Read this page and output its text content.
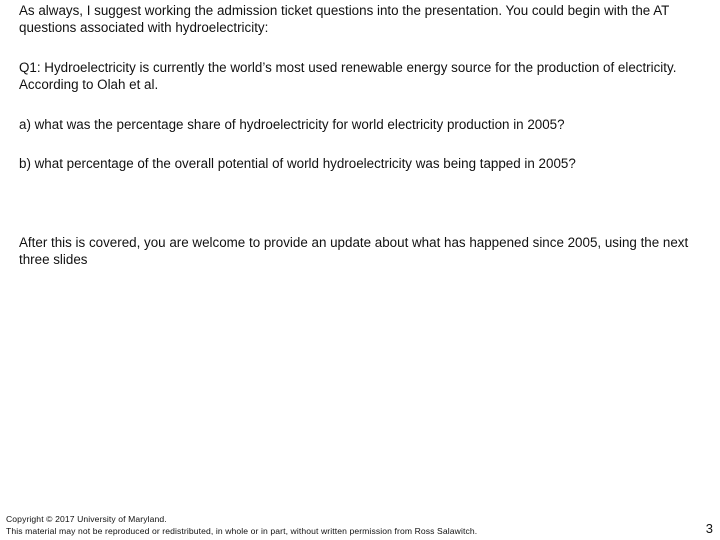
As always, I suggest working the admission ticket questions into the presentation. You could begin with the AT questions associated with hydroelectricity:

Q1: Hydroelectricity is currently the world’s most used renewable energy source for the production of electricity. According to Olah et al.

a) what was the percentage share of hydroelectricity for world electricity production in 2005?

b) what percentage of the overall potential of world hydroelectricity was being tapped in 2005?

After this is covered, you are welcome to provide an update about what has happened since 2005, using the next three slides

Copyright © 2017 University of Maryland.
This material may not be reproduced or redistributed, in whole or in part, without written permission from Ross Salawitch.	3
